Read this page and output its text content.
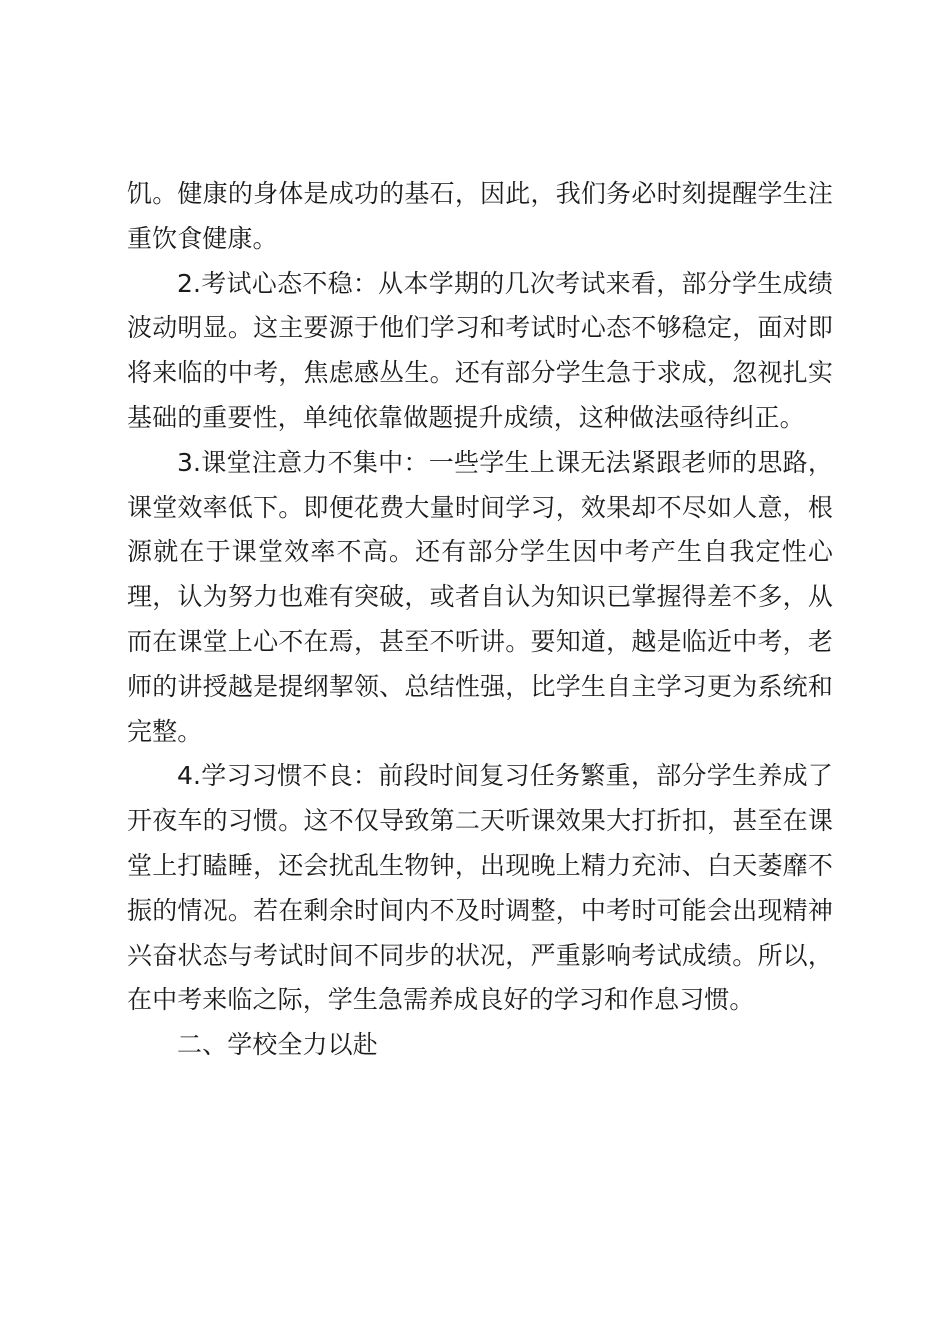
饥。健康的身体是成功的基石，因此，我们务必时刻提醒学生注重饮食健康。

2.考试心态不稳：从本学期的几次考试来看，部分学生成绩波动明显。这主要源于他们学习和考试时心态不够稳定，面对即将来临的中考，焦虑感丛生。还有部分学生急于求成，忽视扎实基础的重要性，单纯依靠做题提升成绩，这种做法亟待纠正。

3.课堂注意力不集中：一些学生上课无法紧跟老师的思路，课堂效率低下。即便花费大量时间学习，效果却不尽如人意，根源就在于课堂效率不高。还有部分学生因中考产生自我定性心理，认为努力也难有突破，或者自认为知识已掌握得差不多，从而在课堂上心不在焉，甚至不听讲。要知道，越是临近中考，老师的讲授越是提纲挈领、总结性强，比学生自主学习更为系统和完整。

4.学习习惯不良：前段时间复习任务繁重，部分学生养成了开夜车的习惯。这不仅导致第二天听课效果大打折扣，甚至在课堂上打瞌睡，还会扰乱生物钟，出现晚上精力充沛、白天萎靡不振的情况。若在剩余时间内不及时调整，中考时可能会出现精神兴奋状态与考试时间不同步的状况，严重影响考试成绩。所以，在中考来临之际，学生急需养成良好的学习和作息习惯。

二、学校全力以赴
